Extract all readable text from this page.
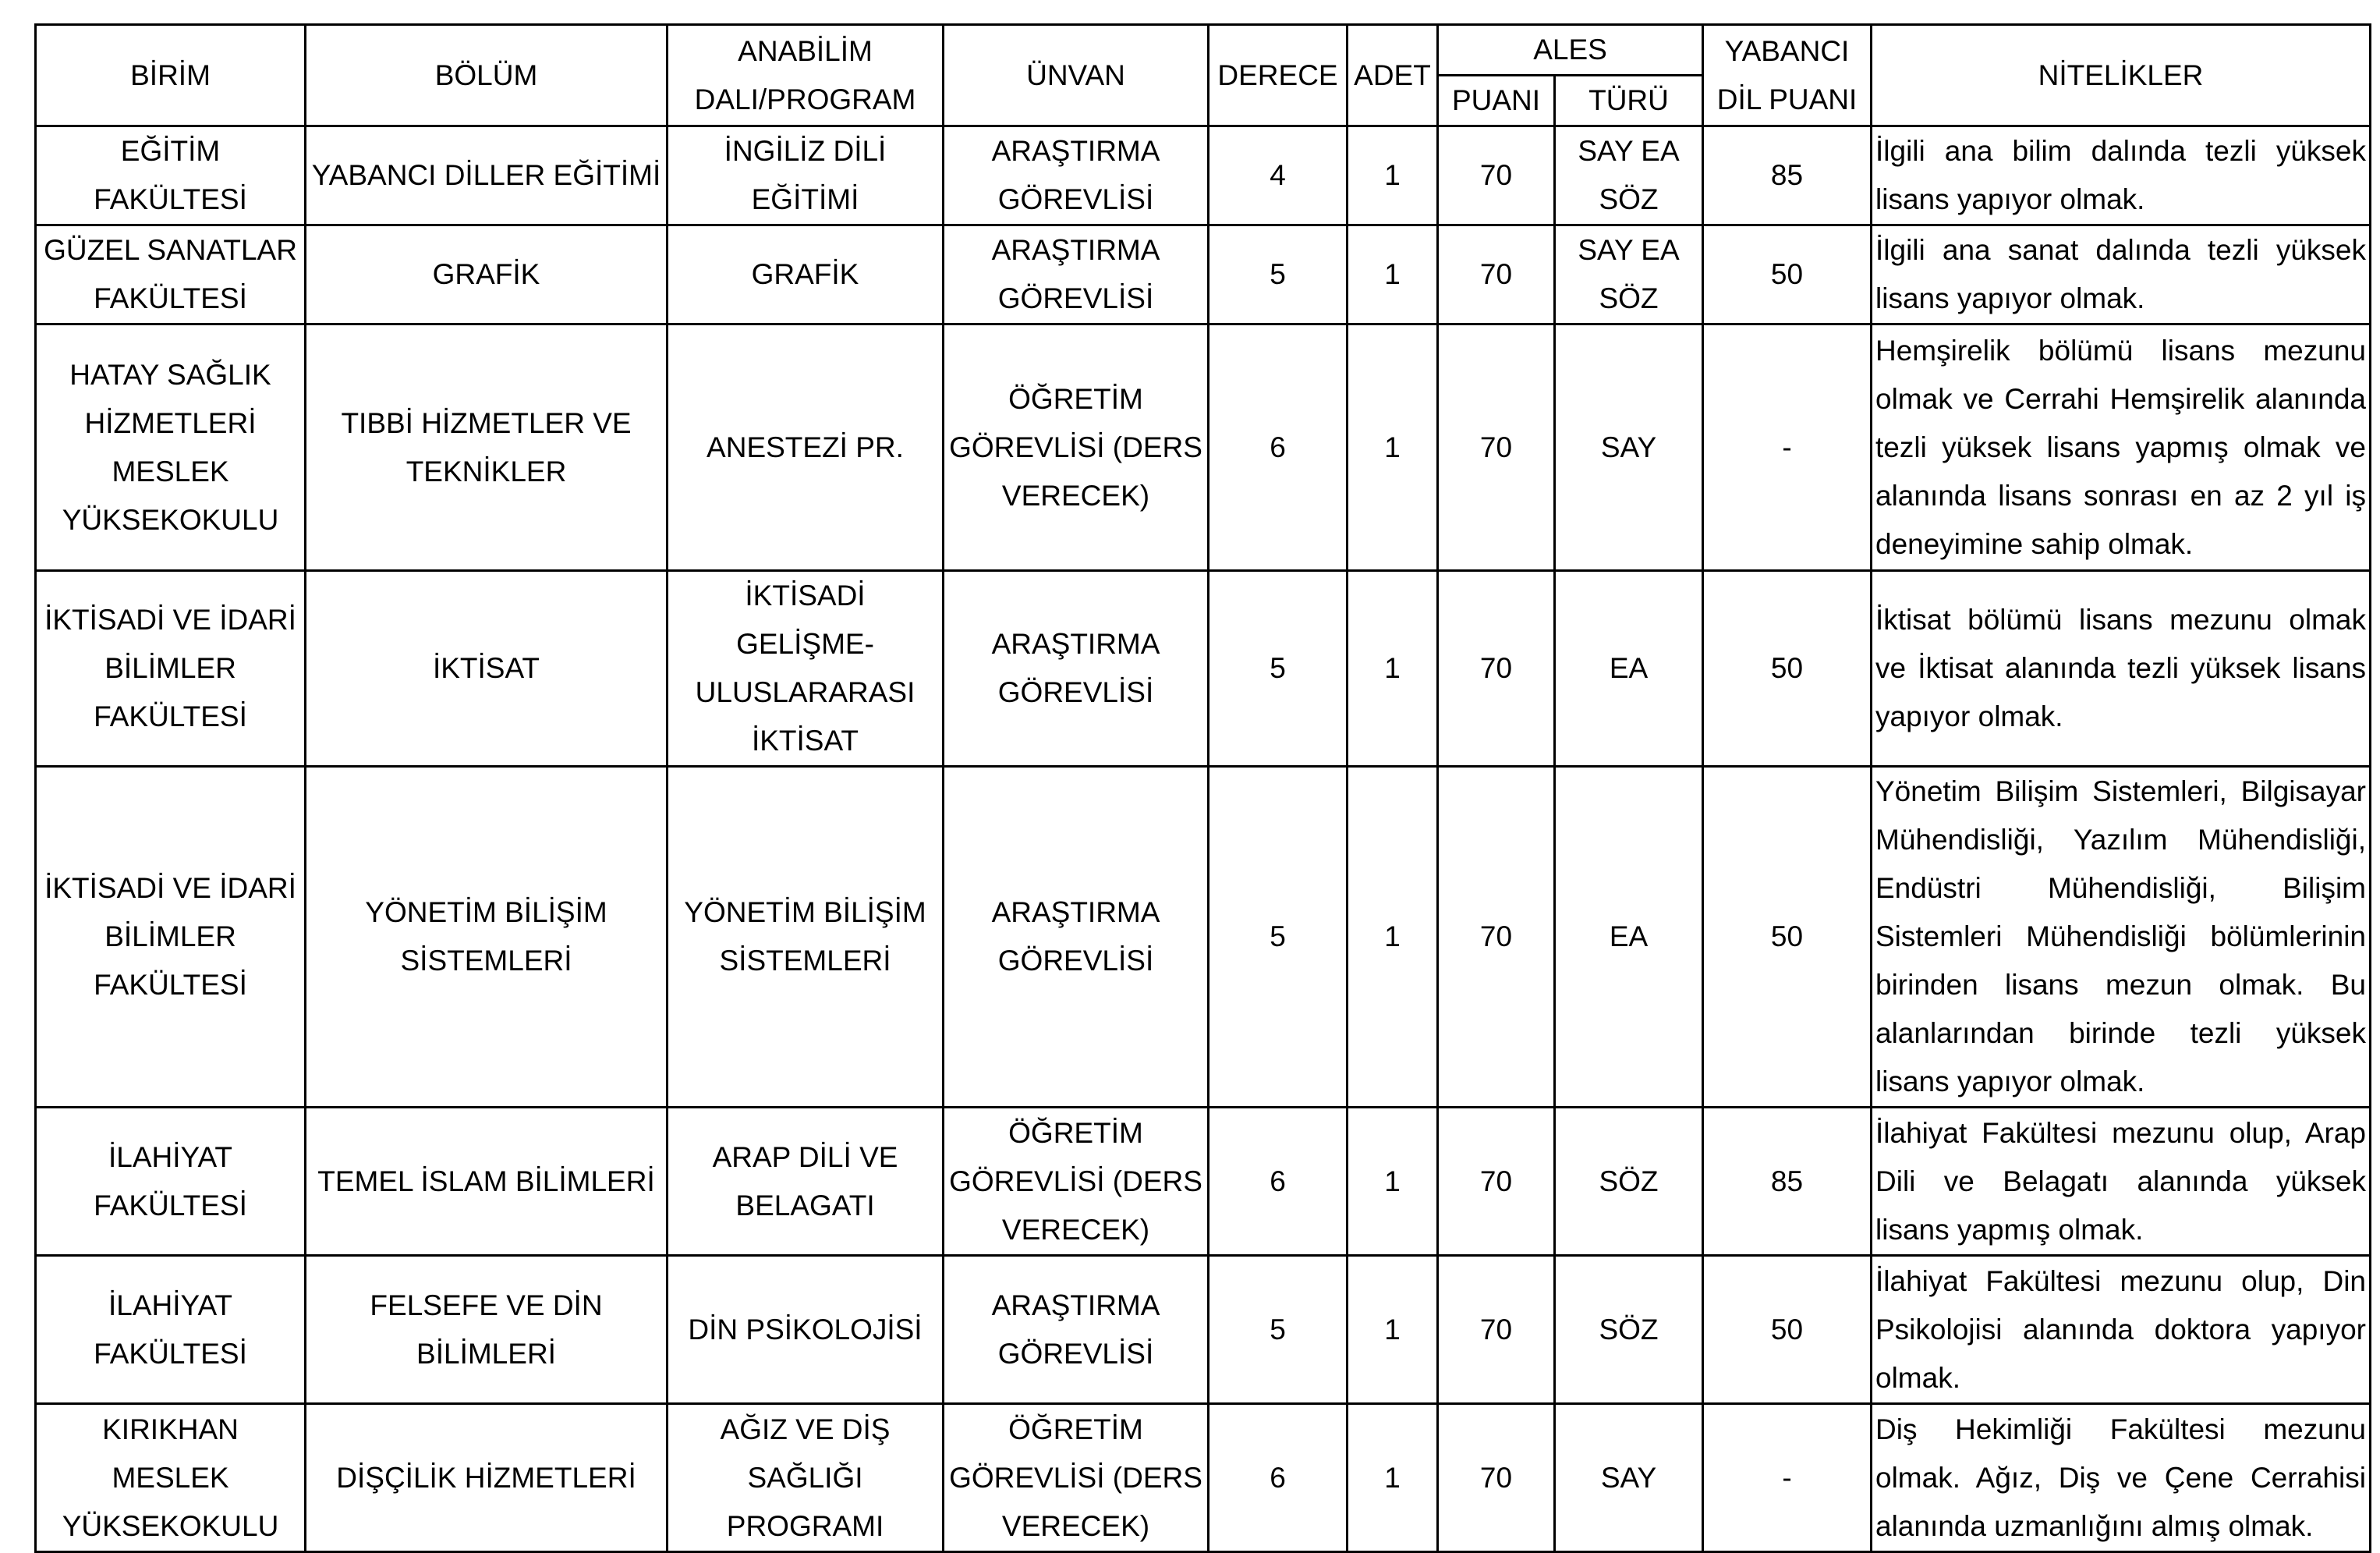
BİRİM	BÖLÜM	ANABİLİM DALI/PROGRAM	ÜNVAN	DERECE	ADET	ALES		YABANCI DİL PUANI	NİTELİKLER
						PUANI	TÜRÜ		
EĞİTİM FAKÜLTESİ	YABANCI DİLLER EĞİTİMİ	İNGİLİZ DİLİ EĞİTİMİ	ARAŞTIRMA GÖREVLİSİ	4	1	70	SAY EA SÖZ	85	İlgili ana bilim dalında tezli yüksek lisans yapıyor olmak.
GÜZEL SANATLAR FAKÜLTESİ	GRAFİK	GRAFİK	ARAŞTIRMA GÖREVLİSİ	5	1	70	SAY EA SÖZ	50	İlgili ana sanat dalında tezli yüksek lisans yapıyor olmak.
HATAY SAĞLIK HİZMETLERİ MESLEK YÜKSEKOKULU	TIBBİ HİZMETLER VE TEKNİKLER	ANESTEZİ PR.	ÖĞRETİM GÖREVLİSİ (DERS VERECEK)	6	1	70	SAY	-	Hemşirelik bölümü lisans mezunu olmak ve Cerrahi Hemşirelik alanında tezli yüksek lisans yapmış olmak ve alanında lisans sonrası en az 2 yıl iş deneyimine sahip olmak.
İKTİSADİ VE İDARİ BİLİMLER FAKÜLTESİ	İKTİSAT	İKTİSADİ GELİŞME-ULUSLARARASI İKTİSAT	ARAŞTIRMA GÖREVLİSİ	5	1	70	EA	50	İktisat bölümü lisans mezunu olmak ve İktisat alanında tezli yüksek lisans yapıyor olmak.
İKTİSADİ VE İDARİ BİLİMLER FAKÜLTESİ	YÖNETİM BİLİŞİM SİSTEMLERİ	YÖNETİM BİLİŞİM SİSTEMLERİ	ARAŞTIRMA GÖREVLİSİ	5	1	70	EA	50	Yönetim Bilişim Sistemleri, Bilgisayar Mühendisliği, Yazılım Mühendisliği, Endüstri Mühendisliği, Bilişim Sistemleri Mühendisliği bölümlerinin birinden lisans mezun olmak. Bu alanlarından birinde tezli yüksek lisans yapıyor olmak.
İLAHİYAT FAKÜLTESİ	TEMEL İSLAM BİLİMLERİ	ARAP DİLİ VE BELAGATI	ÖĞRETİM GÖREVLİSİ (DERS VERECEK)	6	1	70	SÖZ	85	İlahiyat Fakültesi mezunu olup, Arap Dili ve Belagatı alanında yüksek lisans yapmış olmak.
İLAHİYAT FAKÜLTESİ	FELSEFE VE DİN BİLİMLERİ	DİN PSİKOLOJİSİ	ARAŞTIRMA GÖREVLİSİ	5	1	70	SÖZ	50	İlahiyat Fakültesi mezunu olup, Din Psikolojisi alanında doktora yapıyor olmak.
KIRIKHAN MESLEK YÜKSEKOKULU	DİŞÇİLİK HİZMETLERİ	AĞIZ VE DİŞ SAĞLIĞI PROGRAMI	ÖĞRETİM GÖREVLİSİ (DERS VERECEK)	6	1	70	SAY	-	Diş Hekimliği Fakültesi mezunu olmak. Ağız, Diş ve Çene Cerrahisi alanında uzmanlığını almış olmak.
